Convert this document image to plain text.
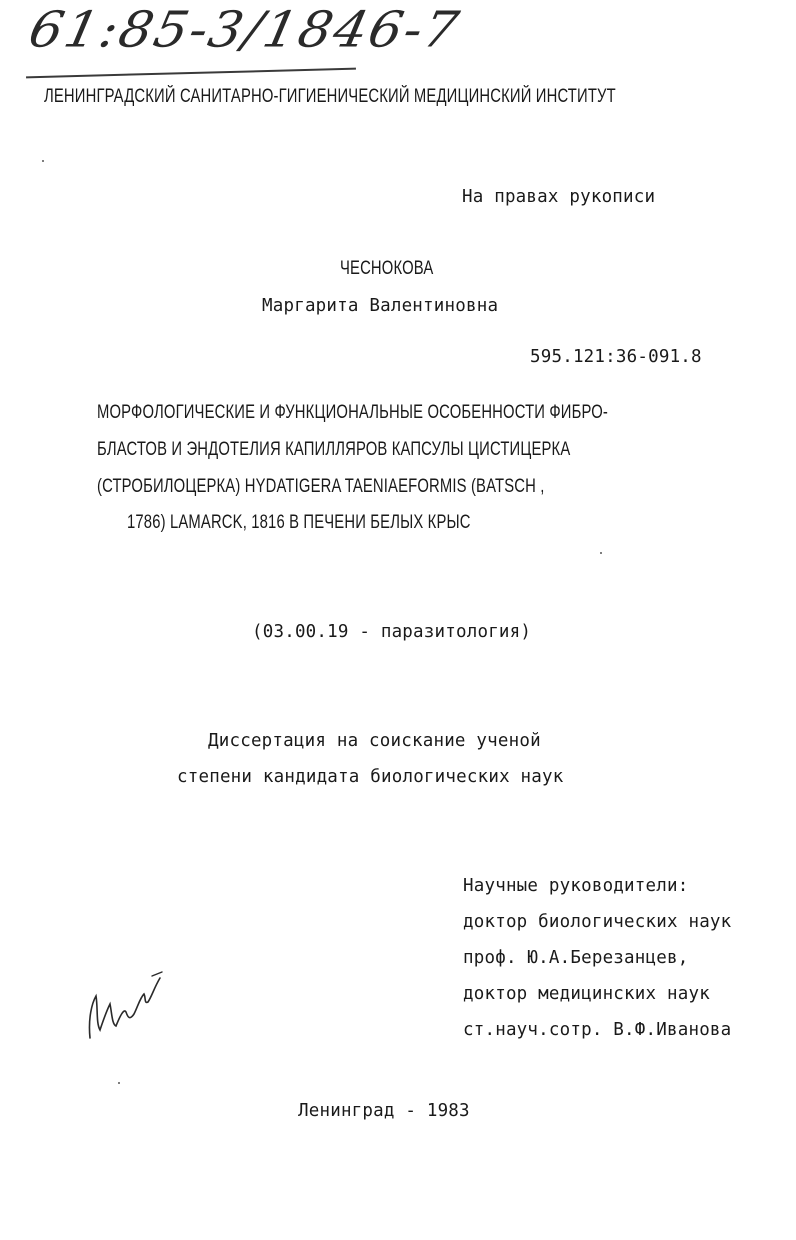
61:85-3/1846-7
ЛЕНИНГРАДСКИЙ САНИТАРНО-ГИГИЕНИЧЕСКИЙ МЕДИЦИНСКИЙ ИНСТИТУТ
На правах рукописи
ЧЕСНОКОВА
Маргарита Валентиновна
595.121:36-091.8
МОРФОЛОГИЧЕСКИЕ И ФУНКЦИОНАЛЬНЫЕ ОСОБЕННОСТИ ФИБРО-
БЛАСТОВ И ЭНДОТЕЛИЯ КАПИЛЛЯРОВ КАПСУЛЫ ЦИСТИЦЕРКА
(СТРОБИЛОЦЕРКА) HYDATIGERA TAENIAEFORMIS (BATSCH ,
1786) LAMARCK, 1816 В ПЕЧЕНИ БЕЛЫХ КРЫС
(03.00.19 - паразитология)
Диссертация на соискание ученой
степени кандидата биологических наук
Научные руководители:
доктор биологических наук
проф. Ю.А.Березанцев,
доктор медицинских наук
ст.науч.сотр. В.Ф.Иванова
Ленинград - 1983
